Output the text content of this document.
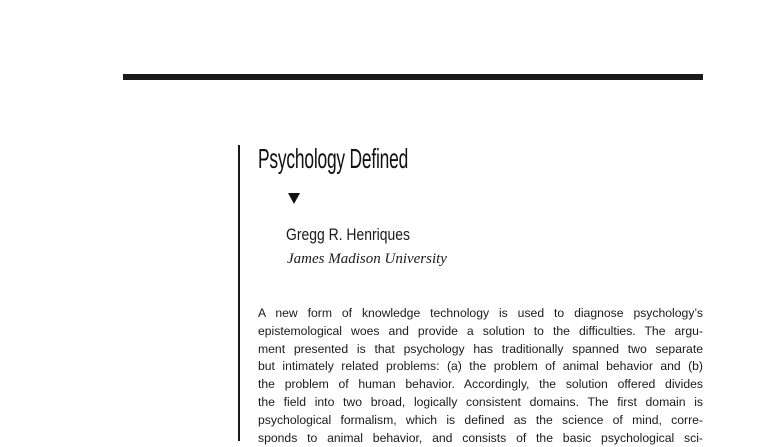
Psychology Defined
Gregg R. Henriques
James Madison University
A new form of knowledge technology is used to diagnose psychology’s
epistemological woes and provide a solution to the difficulties. The argu-
ment presented is that psychology has traditionally spanned two separate
but intimately related problems: (a) the problem of animal behavior and (b)
the problem of human behavior. Accordingly, the solution offered divides
the field into two broad, logically consistent domains. The first domain is
psychological formalism, which is defined as the science of mind, corre-
sponds to animal behavior, and consists of the basic psychological sci-
